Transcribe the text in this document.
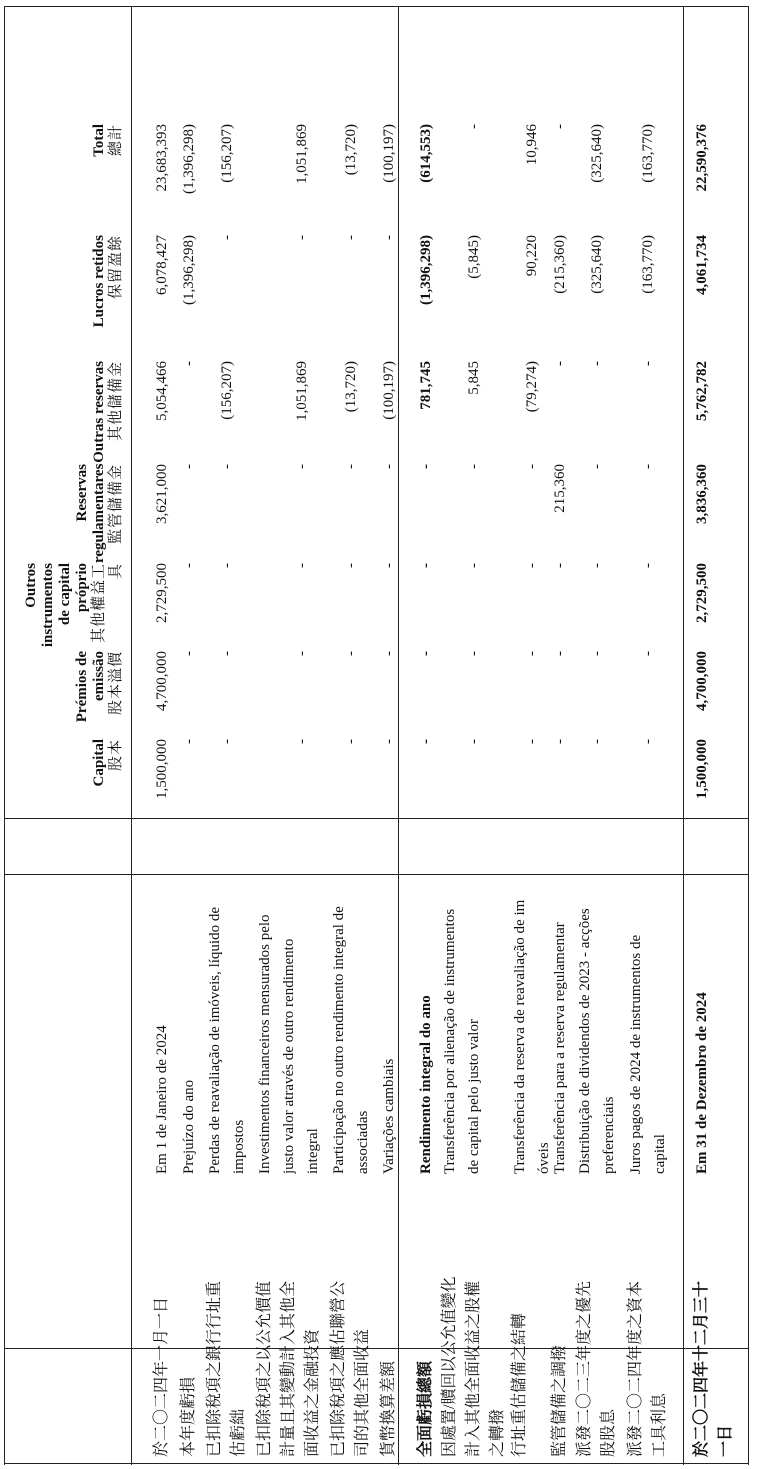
Capital 股本
Prémios de emissão 股本溢價
Outros instrumentos de capital próprio 其他權益工具
Reservas regulamentares 監管儲備金
Outras reservas 其他儲備金
Lucros retidos 保留盈餘
Total 總計
於二〇二四年一月一日
Em 1 de Janeiro de 2024
1,500,000
4,700,000
2,729,500
3,621,000
5,054,466
6,078,427
23,683,393
本年度虧損
Prejuízo do ano
-
-
-
-
-
(1,396,298)
(1,396,298)
已扣除稅項之銀行行址重 估虧絀
Perdas de reavaliação de imóveis, líquido de impostos
-
-
-
-
(156,207)
-
(156,207)
已扣除稅項之以公允價值 計量且其變動計入其他全 面收益之金融投資
Investimentos financeiros mensurados pelo justo valor através de outro rendimento integral
-
-
-
-
1,051,869
-
1,051,869
已扣除稅項之應佔聯營公 司的其他全面收益
Participação no outro rendimento integral de associadas
-
-
-
-
(13,720)
-
(13,720)
貨幣換算差額
Variações cambiais
-
-
-
-
(100,197)
-
(100,197)
全面虧損總額
Rendimento integral do ano
-
-
-
-
781,745
(1,396,298)
(614,553)
因處置/贖回以公允值變化 計入其他全面收益之股權 之轉撥
Transferência por alienação de instrumentos de capital pelo justo valor
-
-
-
-
5,845
(5,845)
-
行址重估儲備之結轉
Transferência da reserva de reavaliação de im óveis
-
-
-
-
(79,274)
90,220
10,946
監管儲備之調撥
Transferência para a reserva regulamentar
-
-
-
215,360
-
(215,360)
-
派發二〇二三年度之優先 股股息
Distribuição de dividendos de 2023 - acções preferenciais
-
-
-
-
-
(325,640)
(325,640)
派發二〇二四年度之資本 工具利息
Juros pagos de 2024 de instrumentos de capital
-
-
-
-
-
(163,770)
(163,770)
於二〇二四年十二月三十 一日
Em 31 de Dezembro de 2024
1,500,000
4,700,000
2,729,500
3,836,360
5,762,782
4,061,734
22,590,376
